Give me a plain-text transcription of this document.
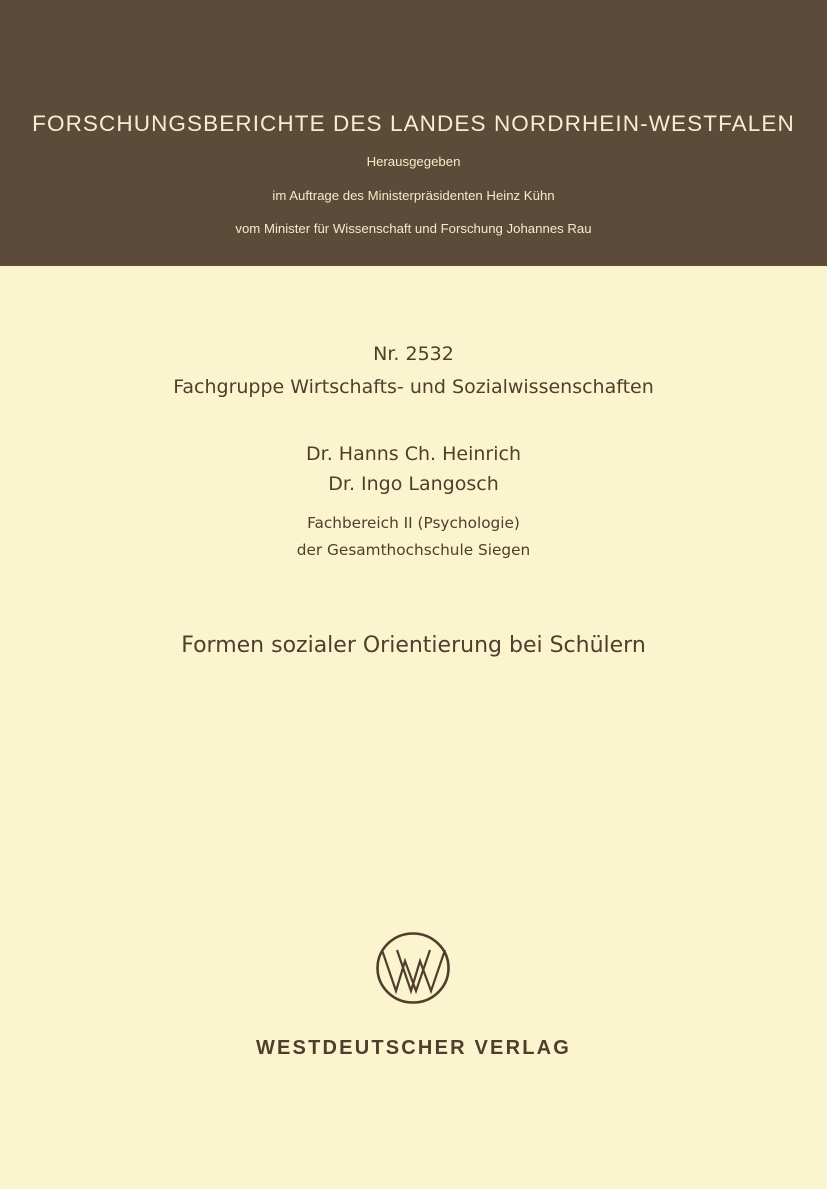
FORSCHUNGSBERICHTE DES LANDES NORDRHEIN-WESTFALEN
Herausgegeben
im Auftrage des Ministerpräsidenten Heinz Kühn
vom Minister für Wissenschaft und Forschung Johannes Rau
Nr. 2532
Fachgruppe Wirtschafts- und Sozialwissenschaften
Dr. Hanns Ch. Heinrich
Dr. Ingo Langosch
Fachbereich II (Psychologie)
der Gesamthochschule Siegen
Formen sozialer Orientierung bei Schülern
WESTDEUTSCHER VERLAG
